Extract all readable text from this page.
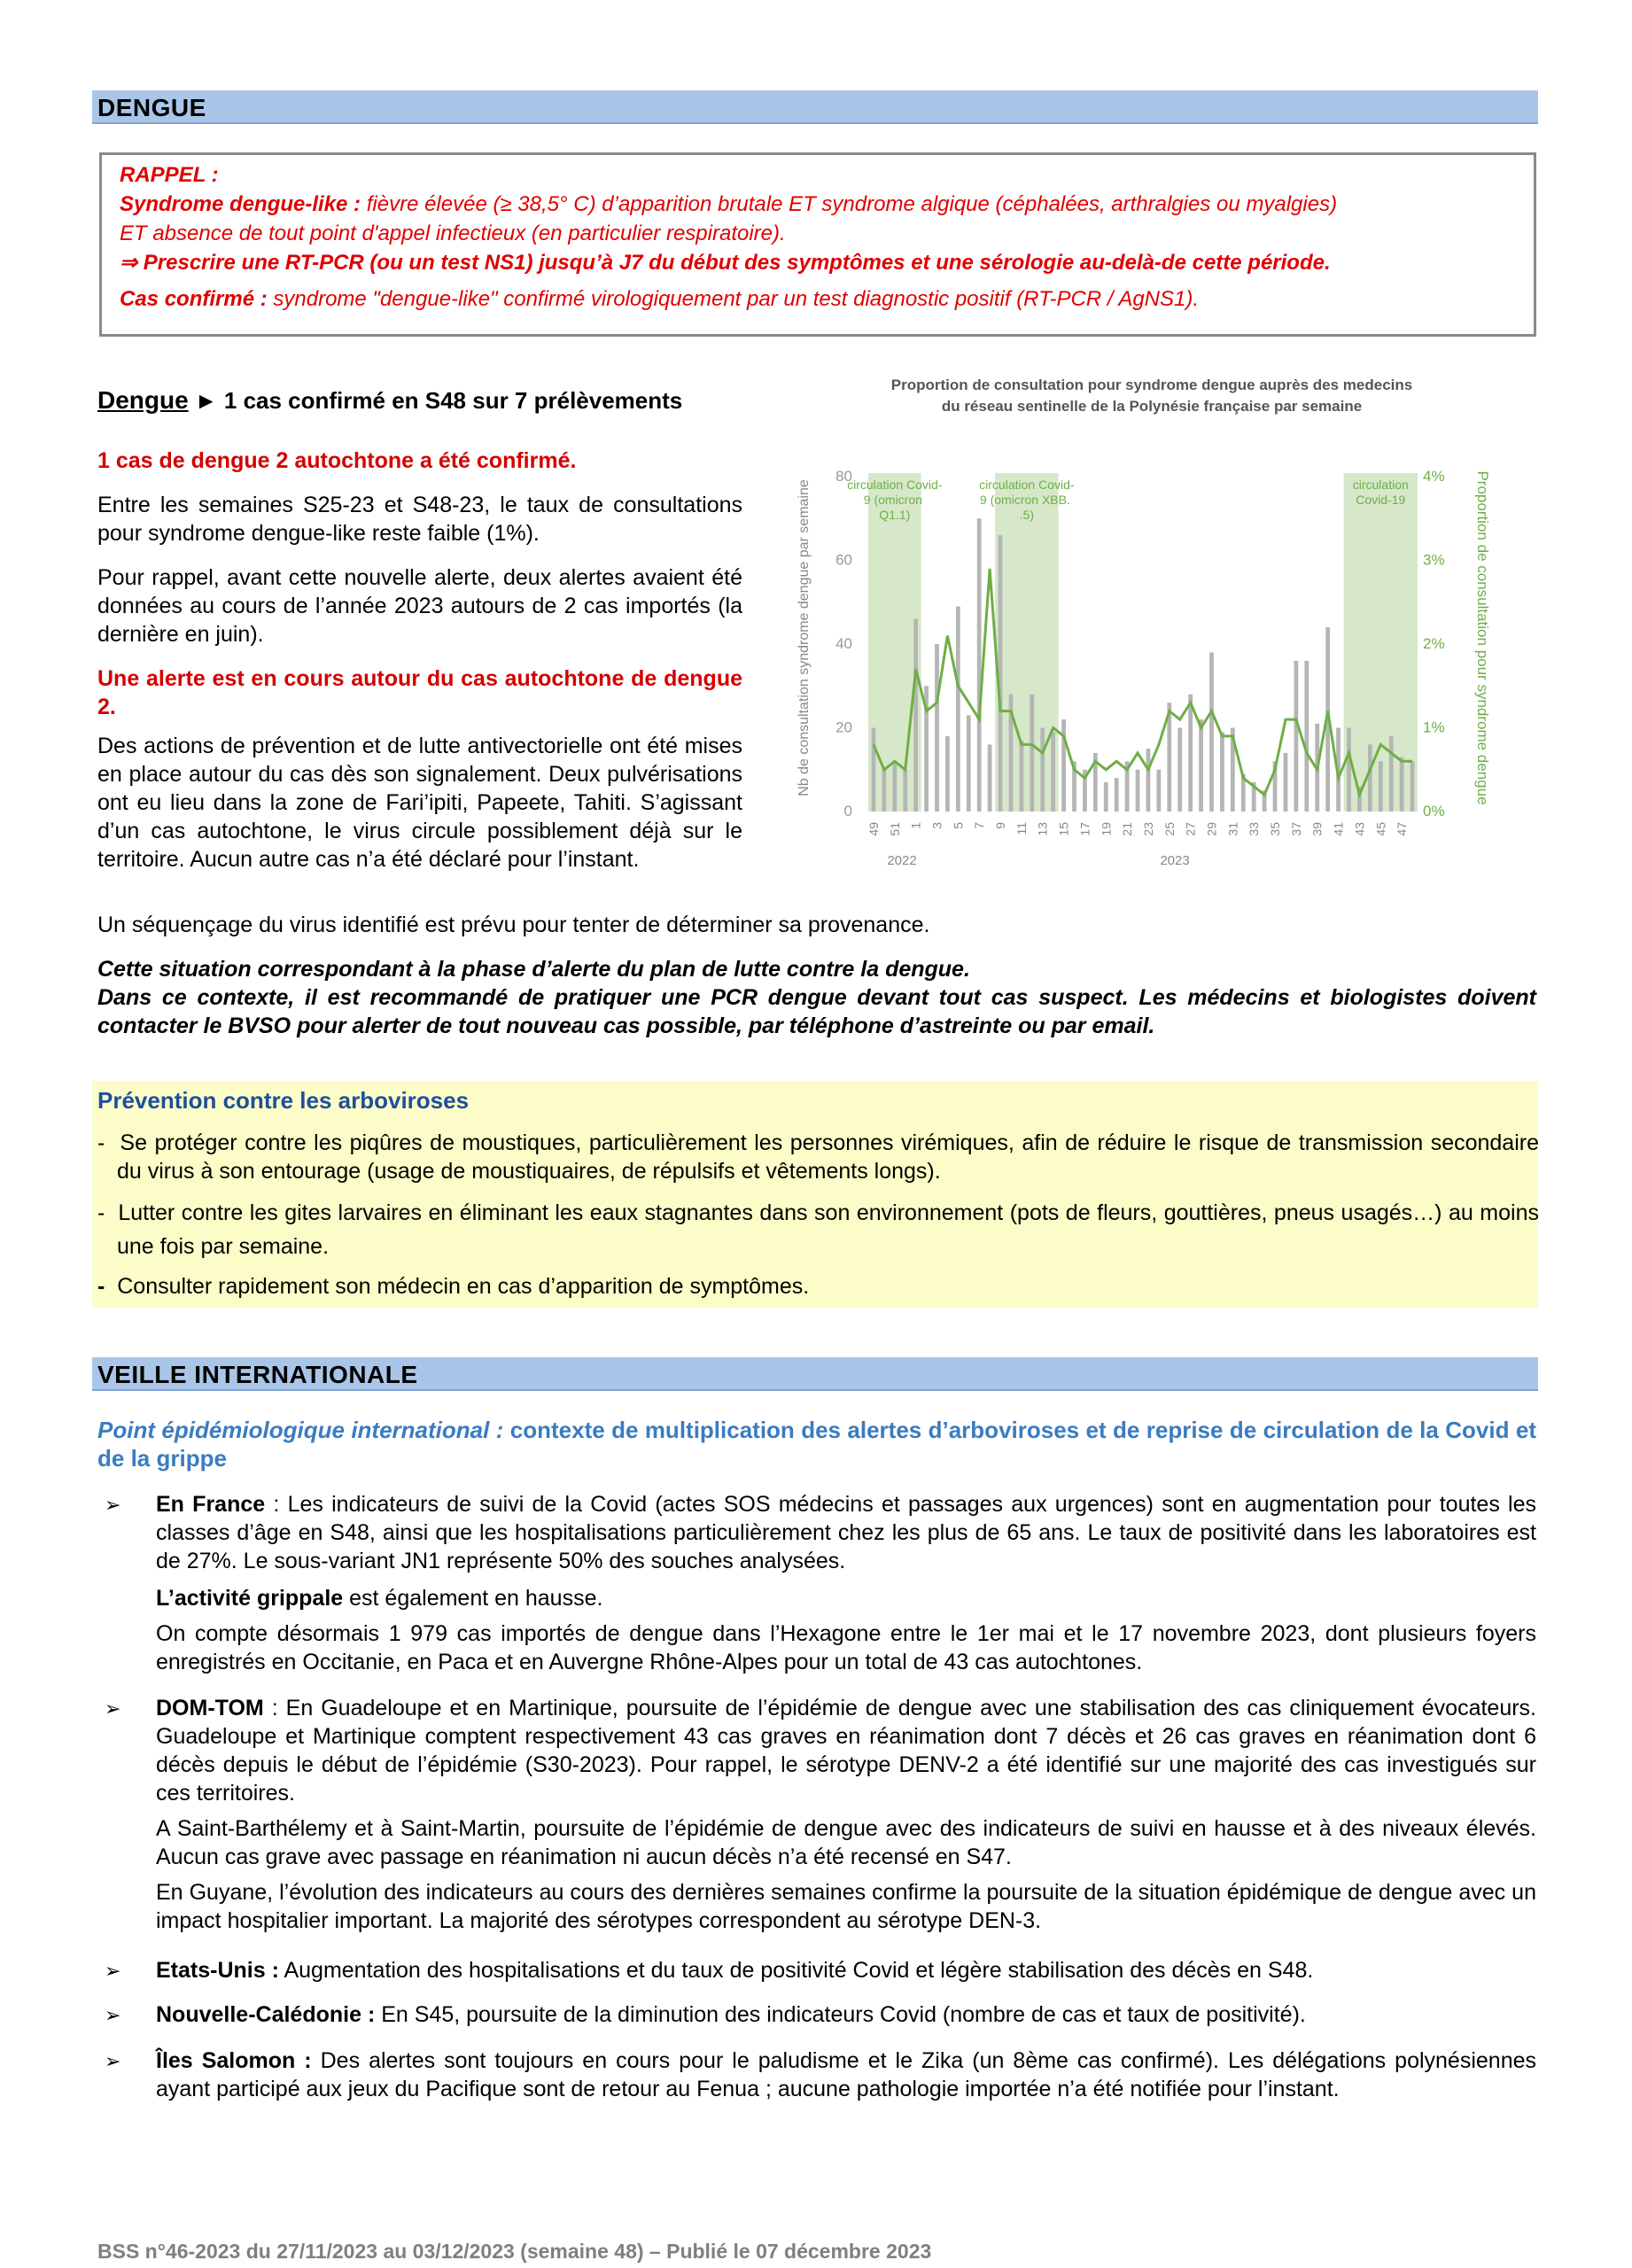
DENGUE
RAPPEL :
Syndrome dengue-like : fièvre élevée (≥ 38,5° C) d’apparition brutale ET syndrome algique (céphalées, arthralgies ou myalgies)
ET absence de tout point d'appel infectieux (en particulier respiratoire).
⇒ Prescrire une RT-PCR (ou un test NS1) jusqu’à J7 du début des symptômes et une sérologie au-delà-de cette période.
Cas confirmé : syndrome "dengue-like" confirmé virologiquement par un test diagnostic positif (RT-PCR / AgNS1).
Dengue ► 1 cas confirmé en S48 sur 7 prélèvements
1 cas de dengue 2 autochtone a été confirmé.
Entre les semaines S25-23 et S48-23, le taux de consultations pour syndrome dengue-like reste faible (1%).
Pour rappel, avant cette nouvelle alerte, deux alertes avaient été données au cours de l’année 2023 autours de 2 cas importés (la dernière en juin).
Une alerte est en cours autour du cas autochtone de dengue 2.
Des actions de prévention et de lutte antivectorielle ont été mises en place autour du cas dès son signalement. Deux pulvérisations ont eu lieu dans la zone de Fari’ipiti, Papeete, Tahiti. S’agissant d’un cas autochtone, le virus circule possiblement déjà sur le territoire. Aucun autre cas n’a été déclaré pour l’instant.
Un séquençage du virus identifié est prévu pour tenter de déterminer sa provenance.
Cette situation correspondant à la phase d’alerte du plan de lutte contre la dengue.
Dans ce contexte, il est recommandé de pratiquer une PCR dengue devant tout cas suspect. Les médecins et biologistes doivent contacter le BVSO pour alerter de tout nouveau cas possible, par téléphone d’astreinte ou par email.
Proportion de consultation pour syndrome dengue auprès des medecins
du réseau sentinelle de la Polynésie française par semaine
0
20
40
60
80
0%
1%
2%
3%
4%
49 51 1 3 5 7 9 11 13 15 17 19 21 23 25 27 29 31 33 35 37 39 41 43 45 47
circulation Covid-9 (omicron Q1.1)
circulation Covid-9 (omicron XBB. .5)
circulation Covid-19
Nb de consultation syndrome dengue par semaine	Proportion de consultation pour syndrome dengue
2022	2023
Prévention contre les arboviroses
-  Se protéger contre les piqûres de moustiques, particulièrement les personnes virémiques, afin de réduire le risque de transmission secondaire du virus à son entourage (usage de moustiquaires, de répulsifs et vêtements longs).
-  Lutter contre les gites larvaires en éliminant les eaux stagnantes dans son environnement (pots de fleurs, gouttières, pneus usagés…) au moins une fois par semaine.
- Consulter rapidement son médecin en cas d’apparition de symptômes.
VEILLE INTERNATIONALE
Point épidémiologique international : contexte de multiplication des alertes d’arboviroses et de reprise de circulation de la Covid et de la grippe
➢ En France : Les indicateurs de suivi de la Covid (actes SOS médecins et passages aux urgences) sont en augmentation pour toutes les classes d’âge en S48, ainsi que les hospitalisations particulièrement chez les plus de 65 ans. Le taux de positivité dans les laboratoires est de 27%. Le sous-variant JN1 représente 50% des souches analysées.
L’activité grippale est également en hausse.
On compte désormais 1 979 cas importés de dengue dans l’Hexagone entre le 1er mai et le 17 novembre 2023, dont plusieurs foyers enregistrés en Occitanie, en Paca et en Auvergne Rhône-Alpes pour un total de 43 cas autochtones.
➢ DOM-TOM : En Guadeloupe et en Martinique, poursuite de l’épidémie de dengue avec une stabilisation des cas cliniquement évocateurs. Guadeloupe et Martinique comptent respectivement 43 cas graves en réanimation dont 7 décès et 26 cas graves en réanimation dont 6 décès depuis le début de l’épidémie (S30-2023). Pour rappel, le sérotype DENV-2 a été identifié sur une majorité des cas investigués sur ces territoires.
A Saint-Barthélemy et à Saint-Martin, poursuite de l’épidémie de dengue avec des indicateurs de suivi en hausse et à des niveaux élevés. Aucun cas grave avec passage en réanimation ni aucun décès n’a été recensé en S47.
En Guyane, l’évolution des indicateurs au cours des dernières semaines confirme la poursuite de la situation épidémique de dengue avec un impact hospitalier important. La majorité des sérotypes correspondent au sérotype DEN-3.
➢ Etats-Unis : Augmentation des hospitalisations et du taux de positivité Covid et légère stabilisation des décès en S48.
➢ Nouvelle-Calédonie : En S45, poursuite de la diminution des indicateurs Covid (nombre de cas et taux de positivité).
➢ Îles Salomon : Des alertes sont toujours en cours pour le paludisme et le Zika (un 8ème cas confirmé). Les délégations polynésiennes ayant participé aux jeux du Pacifique sont de retour au Fenua ; aucune pathologie importée n’a été notifiée pour l’instant.
BSS n°46-2023 du 27/11/2023 au 03/12/2023 (semaine 48) – Publié le 07 décembre 2023
